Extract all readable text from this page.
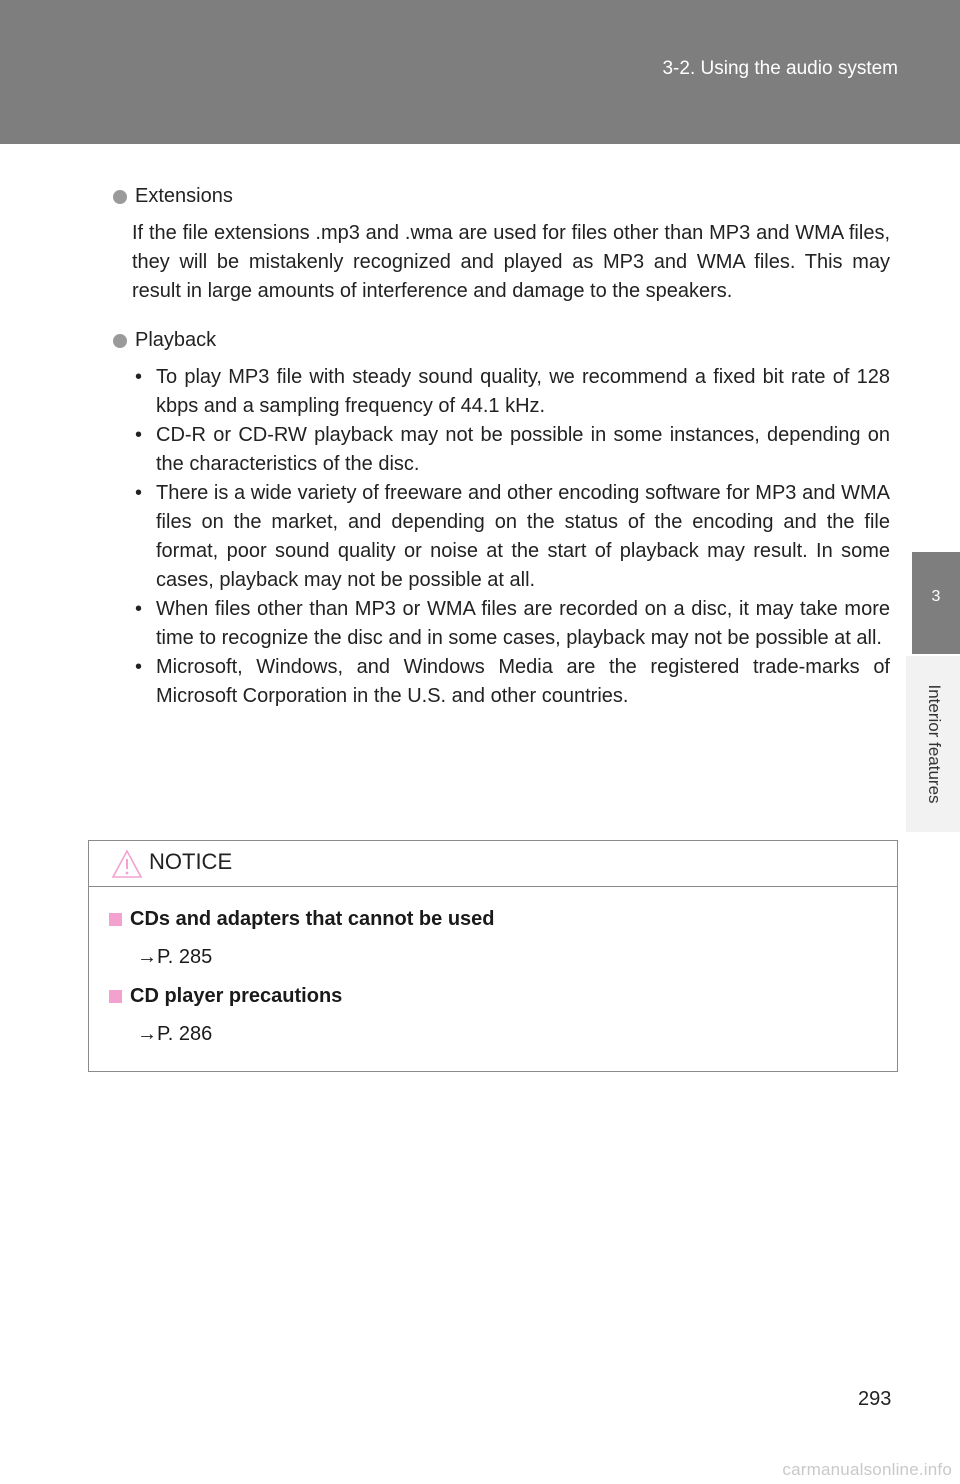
3-2. Using the audio system
3
Interior features
Extensions
If the file extensions .mp3 and .wma are used for files other than MP3 and WMA files, they will be mistakenly recognized and played as MP3 and WMA files. This may result in large amounts of interference and damage to the speakers.
Playback
• To play MP3 file with steady sound quality, we recommend a fixed bit rate of 128 kbps and a sampling frequency of 44.1 kHz.
• CD-R or CD-RW playback may not be possible in some instances, depending on the characteristics of the disc.
• There is a wide variety of freeware and other encoding software for MP3 and WMA files on the market, and depending on the status of the encoding and the file format, poor sound quality or noise at the start of playback may result. In some cases, playback may not be possible at all.
• When files other than MP3 or WMA files are recorded on a disc, it may take more time to recognize the disc and in some cases, playback may not be possible at all.
• Microsoft, Windows, and Windows Media are the registered trade-marks of Microsoft Corporation in the U.S. and other countries.
NOTICE
CDs and adapters that cannot be used
→P. 285
CD player precautions
→P. 286
293
carmanualsonline.info
